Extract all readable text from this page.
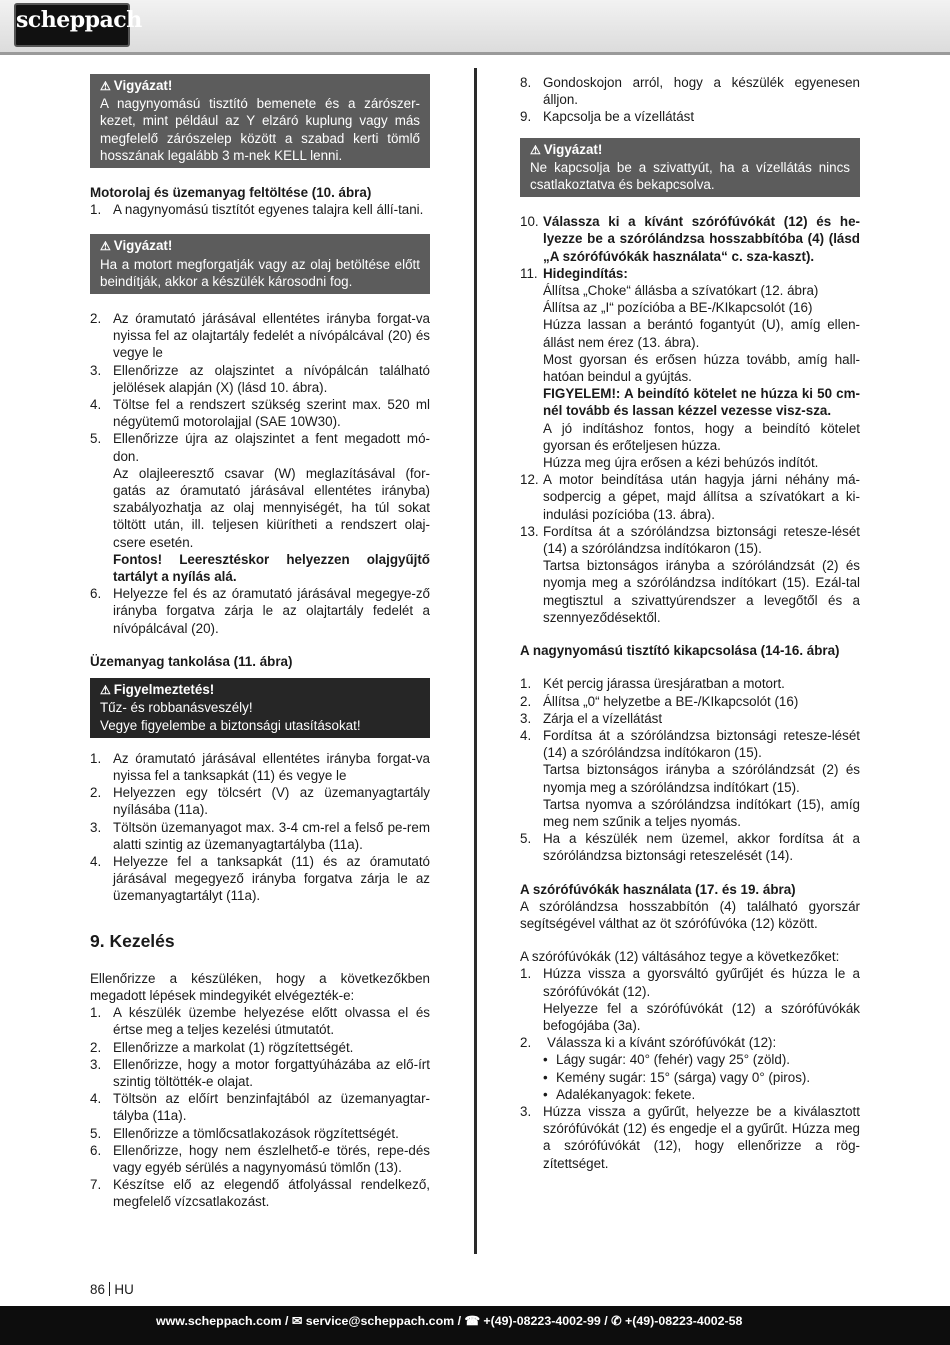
scheppach
⚠ Vigyázat!
A nagynyomású tisztító bemenete és a zárószer-kezet, mint például az Y elzáró kuplung vagy más megfelelő zárószelep között a szabad kerti tömlő hosszának legalább 3 m-nek KELL lenni.

Motorolaj és üzemanyag feltöltése (10. ábra)

1. A nagynyomású tisztítót egyenes talajra kell állí-tani.
⚠ Vigyázat!
Ha a motort megforgatják vagy az olaj betöltése előtt beindítják, akkor a készülék károsodni fog.
2. Az óramutató járásával ellentétes irányba forgat-va nyissa fel az olajtartály fedelét a nívópálcával (20) és vegye le
3. Ellenőrizze az olajszintet a nívópálcán található jelölések alapján (X) (lásd 10. ábra).
4. Töltse fel a rendszert szükség szerint max. 520 ml négyütemű motorolajjal (SAE 10W30).
5. Ellenőrizze újra az olajszintet a fent megadott mó-don.
Az olajleeresztő csavar (W) meglazításával (for-gatás az óramutató járásával ellentétes irányba) szabályozhatja az olaj mennyiségét, ha túl sokat töltött után, ill. teljesen kiürítheti a rendszert olaj-csere esetén.
Fontos! Leeresztéskor helyezzen olajgyűjtő tartályt a nyílás alá.
6. Helyezze fel és az óramutató járásával megegye-ző irányba forgatva zárja le az olajtartály fedelét a nívópálcával (20).

Üzemanyag tankolása (11. ábra)

⚠ Figyelmeztetés!
Tűz- és robbanásveszély!
Vegye figyelembe a biztonsági utasításokat!
1. Az óramutató járásával ellentétes irányba forgat-va nyissa fel a tanksapkát (11) és vegye le
2. Helyezzen egy tölcsért (V) az üzemanyagtartály nyílásába (11a).
3. Töltsön üzemanyagot max. 3-4 cm-rel a felső pe-rem alatti szintig az üzemanyagtartályba (11a).
4. Helyezze fel a tanksapkát (11) és az óramutató járásával megegyező irányba forgatva zárja le az üzemanyagtartályt (11a).

9. Kezelés

Ellenőrizze a készüléken, hogy a következőkben megadott lépések mindegyikét elvégezték-e:

1. A készülék üzembe helyezése előtt olvassa el és értse meg a teljes kezelési útmutatót.
2. Ellenőrizze a markolat (1) rögzítettségét.
3. Ellenőrizze, hogy a motor forgattyúházába az elő-írt szintig töltötték-e olajat.
4. Töltsön az előírt benzinfajtából az üzemanyagtar-tályba (11a).
5. Ellenőrizze a tömlőcsatlakozások rögzítettségét.
6. Ellenőrizze, hogy nem észlelhető-e törés, repe-dés vagy egyéb sérülés a nagynyomású tömlőn (13).
7. Készítse elő az elegendő átfolyással rendelkező, megfelelő vízcsatlakozást.
8. Gondoskojon arról, hogy a készülék egyenesen álljon.
9. Kapcsolja be a vízellátást
⚠ Vigyázat!
Ne kapcsolja be a szivattyút, ha a vízellátás nincs csatlakoztatva és bekapcsolva.
10. Válassza ki a kívánt szórófúvókát (12) és he-lyezze be a szórólándzsa hosszabbítóba (4) (lásd „A szórófúvókák használata“ c. sza-kaszt).
11. Hidegindítás:
Állítsa „Choke“ állásba a szívatókart (12. ábra)
Állítsa az „I“ pozícióba a BE-/KIkapcsolót (16)
Húzza lassan a berántó fogantyút (U), amíg ellen-állást nem érez (13. ábra).
Most gyorsan és erősen húzza tovább, amíg hall-hatóan beindul a gyújtás.
FIGYELEM!: A beindító kötelet ne húzza ki 50 cm-nél tovább és lassan kézzel vezesse visz-sza.
A jó indításhoz fontos, hogy a beindító kötelet gyorsan és erőteljesen húzza.
Húzza meg újra erősen a kézi behúzós indítót.
12. A motor beindítása után hagyja járni néhány má-sodpercig a gépet, majd állítsa a szívatókart a ki-indulási pozícióba (13. ábra).
13. Fordítsa át a szórólándzsa biztonsági retesze-lését (14) a szórólándzsa indítókaron (15).
Tartsa biztonságos irányba a szórólándzsát (2) és nyomja meg a szórólándzsa indítókart (15). Ezál-tal megtisztul a szivattyúrendszer a levegőtől és a szennyeződésektől.

A nagynyomású tisztító kikapcsolása (14-16. ábra)

1. Két percig járassa üresjáratban a motort.
2. Állítsa „0“ helyzetbe a BE-/KIkapcsolót (16)
3. Zárja el a vízellátást
4. Fordítsa át a szórólándzsa biztonsági retesze-lését (14) a szórólándzsa indítókaron (15).
Tartsa biztonságos irányba a szórólándzsát (2) és nyomja meg a szórólándzsa indítókart (15).
Tartsa nyomva a szórólándzsa indítókart (15), amíg meg nem szűnik a teljes nyomás.
5. Ha a készülék nem üzemel, akkor fordítsa át a szórólándzsa biztonsági reteszelését (14).

A szórófúvókák használata (17. és 19. ábra)

A szórólándzsa hosszabbítón (4) található gyorszár segítségével válthat az öt szórófúvóka (12) között.

A szórófúvókák (12) váltásához tegye a következőket:

1. Húzza vissza a gyorsváltó gyűrűjét és húzza le a szórófúvókát (12).
Helyezze fel a szórófúvókát (12) a szórófúvókák befogójába (3a).
2.	Válassza ki a kívánt szórófúvókát (12):
• Lágy sugár: 40° (fehér) vagy 25° (zöld).
• Kemény sugár: 15° (sárga) vagy 0° (piros).
• Adalékanyagok: fekete.
3. Húzza vissza a gyűrűt, helyezze be a kiválasztott szórófúvókát (12) és engedje el a gyűrűt. Húzza meg a szórófúvókát (12), hogy ellenőrizze a rög-zítettséget.
86 HU
www.scheppach.com / ✉ service@scheppach.com / ☎ +(49)-08223-4002-99 / ✆ +(49)-08223-4002-58
